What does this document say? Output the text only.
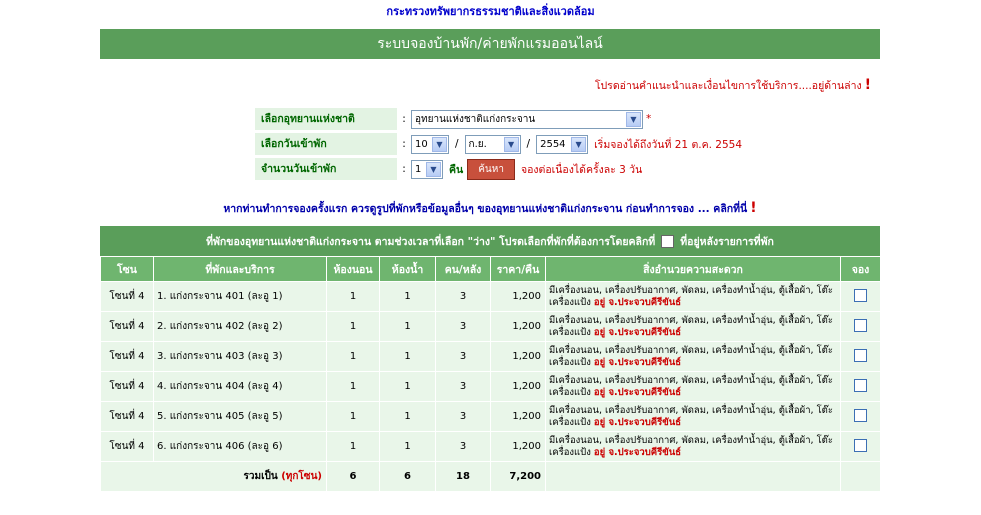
กระทรวงทรัพยากรธรรมชาติและสิ่งแวดล้อม
ระบบจองบ้านพัก/ค่ายพักแรมออนไลน์
โปรดอ่านคำแนะนำและเงื่อนไขการใช้บริการ....อยู่ด้านล่าง !
เลือกอุทยานแห่งชาติ	: อุทยานแห่งชาติแก่งกระจาน	▼ *
เลือกวันเข้าพัก	: 10	▼	/ ก.ย.	▼	/ 2554	▼	เริ่มจองได้ถึงวันที่ 21 ต.ค. 2554
จำนวนวันเข้าพัก	: 1	▼	คืน	ค้นหา	จองต่อเนื่องได้ครั้งละ 3 วัน
หากท่านทำการจองครั้งแรก ควรดูรูปที่พักหรือข้อมูลอื่นๆ ของอุทยานแห่งชาติแก่งกระจาน ก่อนทำการจอง ... คลิกที่นี่ !
ที่พักของอุทยานแห่งชาติแก่งกระจาน ตามช่วงเวลาที่เลือก "ว่าง" โปรดเลือกที่พักที่ต้องการโดยคลิกที่ ที่อยู่หลังรายการที่พัก
โซน	ที่พักและบริการ	ห้องนอน	ห้องน้ำ	คน/หลัง	ราคา/คืน	สิ่งอำนวยความสะดวก	จอง
โซนที่ 4	1. แก่งกระจาน 401 (ละอู 1)	1	1	3	1,200	มีเครื่องนอน, เครื่องปรับอากาศ, พัดลม, เครื่องทำน้ำอุ่น, ตู้เสื้อผ้า, โต๊ะเครื่องแป้ง อยู่ จ.ประจวบคีรีขันธ์	
โซนที่ 4	2. แก่งกระจาน 402 (ละอู 2)	1	1	3	1,200	มีเครื่องนอน, เครื่องปรับอากาศ, พัดลม, เครื่องทำน้ำอุ่น, ตู้เสื้อผ้า, โต๊ะเครื่องแป้ง อยู่ จ.ประจวบคีรีขันธ์	
โซนที่ 4	3. แก่งกระจาน 403 (ละอู 3)	1	1	3	1,200	มีเครื่องนอน, เครื่องปรับอากาศ, พัดลม, เครื่องทำน้ำอุ่น, ตู้เสื้อผ้า, โต๊ะเครื่องแป้ง อยู่ จ.ประจวบคีรีขันธ์	
โซนที่ 4	4. แก่งกระจาน 404 (ละอู 4)	1	1	3	1,200	มีเครื่องนอน, เครื่องปรับอากาศ, พัดลม, เครื่องทำน้ำอุ่น, ตู้เสื้อผ้า, โต๊ะเครื่องแป้ง อยู่ จ.ประจวบคีรีขันธ์	
โซนที่ 4	5. แก่งกระจาน 405 (ละอู 5)	1	1	3	1,200	มีเครื่องนอน, เครื่องปรับอากาศ, พัดลม, เครื่องทำน้ำอุ่น, ตู้เสื้อผ้า, โต๊ะเครื่องแป้ง อยู่ จ.ประจวบคีรีขันธ์	
โซนที่ 4	6. แก่งกระจาน 406 (ละอู 6)	1	1	3	1,200	มีเครื่องนอน, เครื่องปรับอากาศ, พัดลม, เครื่องทำน้ำอุ่น, ตู้เสื้อผ้า, โต๊ะเครื่องแป้ง อยู่ จ.ประจวบคีรีขันธ์	
รวมเป็น (ทุกโซน)		6	6	18	7,200		
